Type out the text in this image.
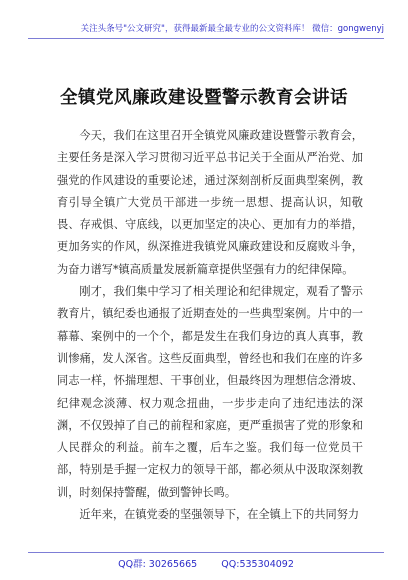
关注头条号"公文研究"，获得最新最全最专业的公文资料库！ 微信：gongwenyj
全镇党风廉政建设暨警示教育会讲话

今天，我们在这里召开全镇党风廉政建设暨警示教育会，主要任务是深入学习贯彻习近平总书记关于全面从严治党、加强党的作风建设的重要论述，通过深刻剖析反面典型案例，教育引导全镇广大党员干部进一步统一思想、提高认识，知敬畏、存戒惧、守底线，以更加坚定的决心、更加有力的举措，更加务实的作风，纵深推进我镇党风廉政建设和反腐败斗争，为奋力谱写*镇高质量发展新篇章提供坚强有力的纪律保障。

刚才，我们集中学习了相关理论和纪律规定，观看了警示教育片，镇纪委也通报了近期查处的一些典型案例。片中的一幕幕、案例中的一个个，都是发生在我们身边的真人真事，教训惨痛，发人深省。这些反面典型，曾经也和我们在座的许多同志一样，怀揣理想、干事创业，但最终因为理想信念滑坡、纪律观念淡薄、权力观念扭曲，一步步走向了违纪违法的深渊，不仅毁掉了自己的前程和家庭，更严重损害了党的形象和人民群众的利益。前车之覆，后车之鉴。我们每一位党员干部，特别是手握一定权力的领导干部，都必须从中汲取深刻教训，时刻保持警醒，做到警钟长鸣。

近年来，在镇党委的坚强领导下，在全镇上下的共同努力

QQ群: 30265665        QQ:535304092
